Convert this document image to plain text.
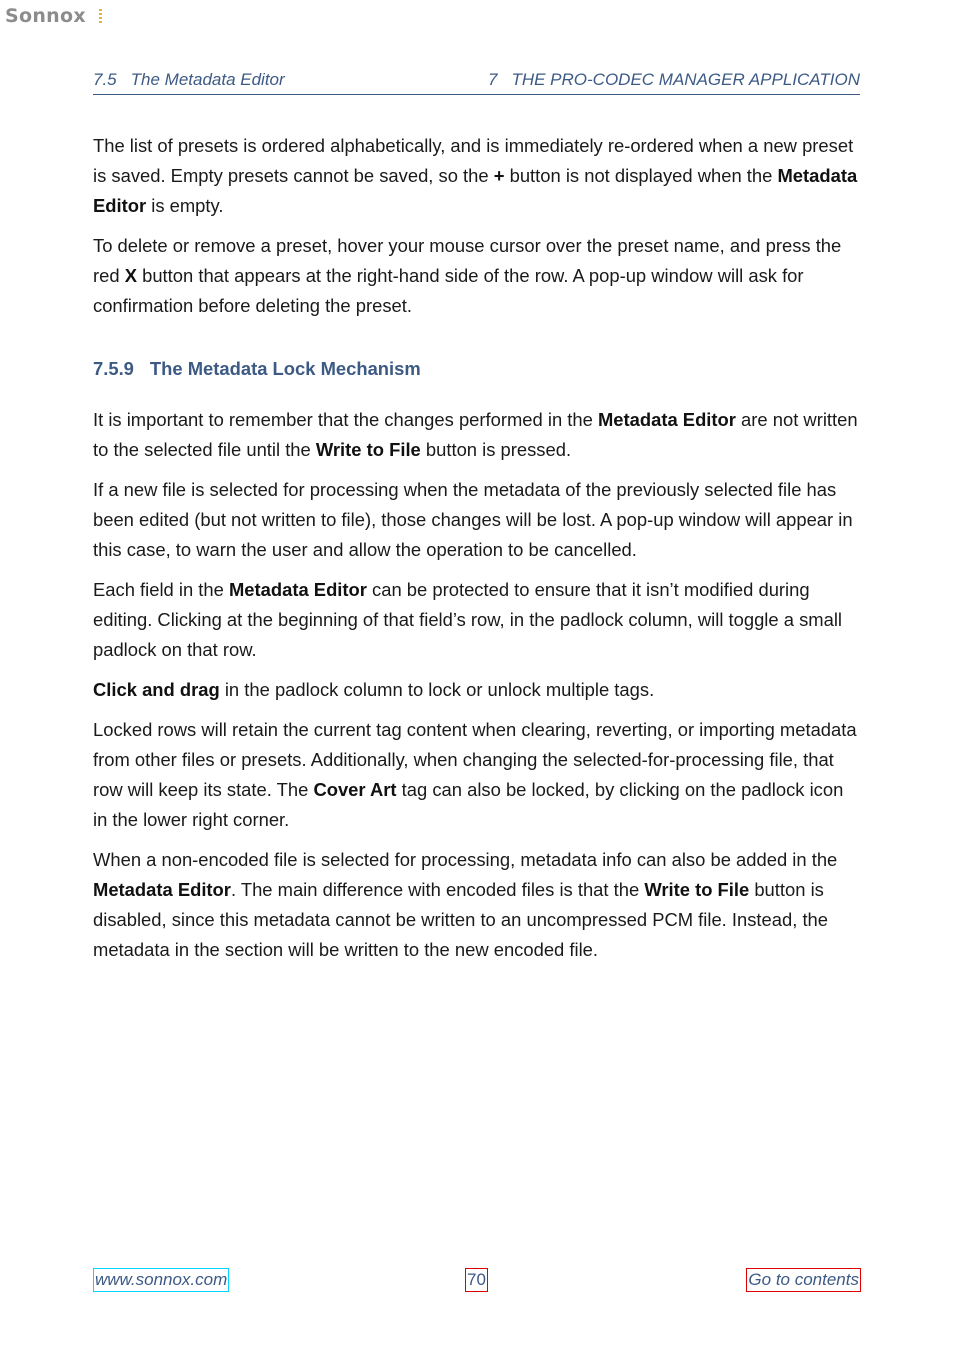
Sonnox
7.5 The Metadata Editor	7 THE PRO-CODEC MANAGER APPLICATION

The list of presets is ordered alphabetically, and is immediately re-ordered when a new preset is saved. Empty presets cannot be saved, so the + button is not displayed when the Metadata Editor is empty.

To delete or remove a preset, hover your mouse cursor over the preset name, and press the red X button that appears at the right-hand side of the row. A pop-up window will ask for confirmation before deleting the preset.

7.5.9 The Metadata Lock Mechanism

It is important to remember that the changes performed in the Metadata Editor are not written to the selected file until the Write to File button is pressed.

If a new file is selected for processing when the metadata of the previously selected file has been edited (but not written to file), those changes will be lost. A pop-up window will appear in this case, to warn the user and allow the operation to be cancelled.

Each field in the Metadata Editor can be protected to ensure that it isn’t modified during editing. Clicking at the beginning of that field’s row, in the padlock column, will toggle a small padlock on that row.

Click and drag in the padlock column to lock or unlock multiple tags.

Locked rows will retain the current tag content when clearing, reverting, or importing metadata from other files or presets. Additionally, when changing the selected-for-processing file, that row will keep its state. The Cover Art tag can also be locked, by clicking on the padlock icon in the lower right corner.

When a non-encoded file is selected for processing, metadata info can also be added in the Metadata Editor. The main difference with encoded files is that the Write to File button is disabled, since this metadata cannot be written to an uncompressed PCM file. Instead, the metadata in the section will be written to the new encoded file.

www.sonnox.com	70	Go to contents
